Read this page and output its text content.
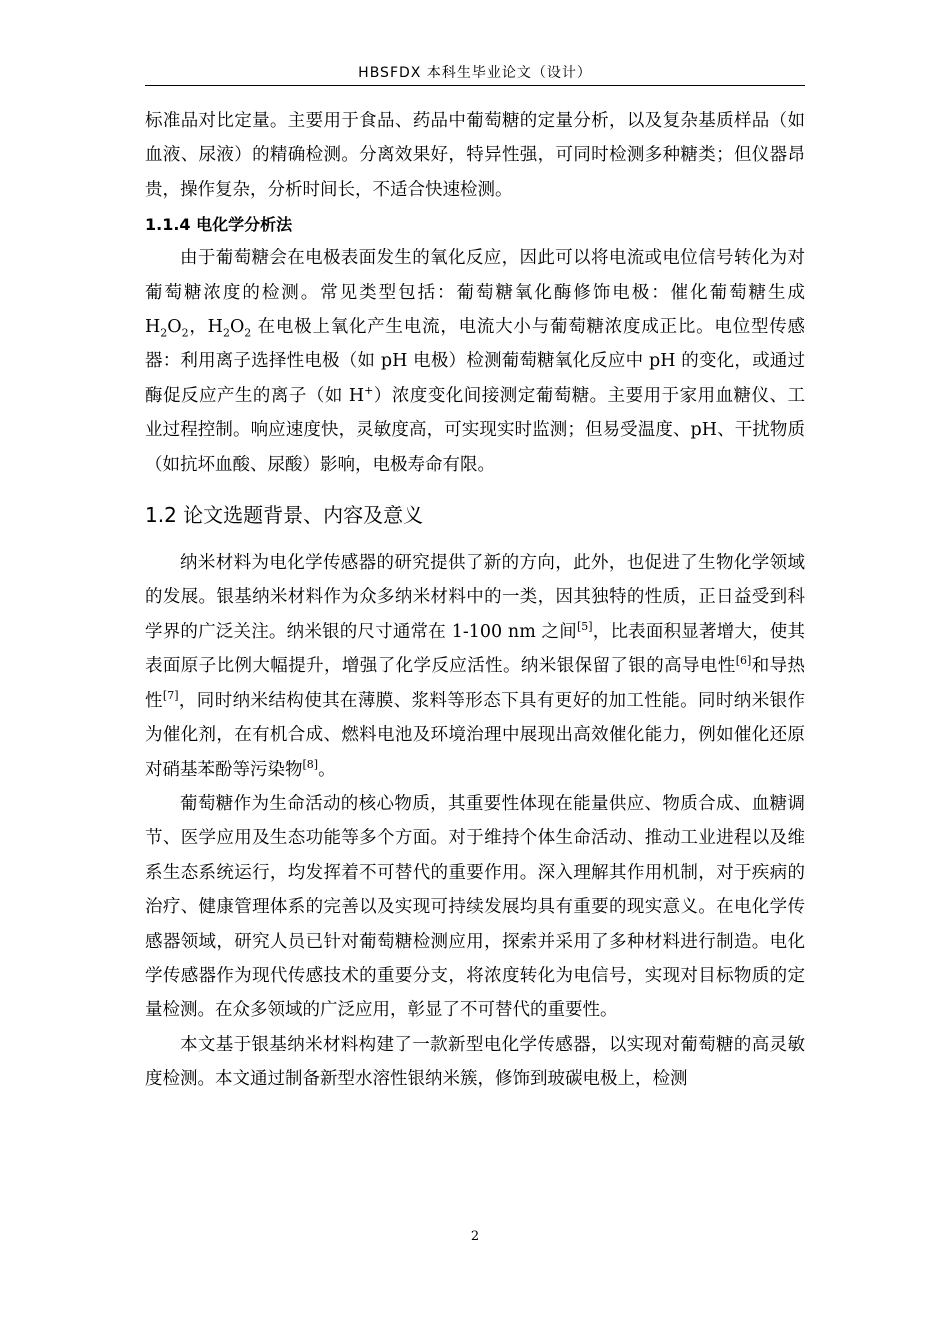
HBSFDX 本科生毕业论文（设计）

标准品对比定量。主要用于食品、药品中葡萄糖的定量分析，以及复杂基质样品（如血液、尿液）的精确检测。分离效果好，特异性强，可同时检测多种糖类；但仪器昂贵，操作复杂，分析时间长，不适合快速检测。

1.1.4 电化学分析法

由于葡萄糖会在电极表面发生的氧化反应，因此可以将电流或电位信号转化为对葡萄糖浓度的检测。常见类型包括：葡萄糖氧化酶修饰电极：催化葡萄糖生成 $H_2O_2$，$H_2O_2$ 在电极上氧化产生电流，电流大小与葡萄糖浓度成正比。电位型传感器：利用离子选择性电极（如 pH 电极）检测葡萄糖氧化反应中 pH 的变化，或通过酶促反应产生的离子（如 H+）浓度变化间接测定葡萄糖。主要用于家用血糖仪、工业过程控制。响应速度快，灵敏度高，可实现实时监测；但易受温度、pH、干扰物质（如抗坏血酸、尿酸）影响，电极寿命有限。

1.2 论文选题背景、内容及意义

纳米材料为电化学传感器的研究提供了新的方向，此外，也促进了生物化学领域的发展。银基纳米材料作为众多纳米材料中的一类，因其独特的性质，正日益受到科学界的广泛关注。纳米银的尺寸通常在 1-100 nm 之间[5]，比表面积显著增大，使其表面原子比例大幅提升，增强了化学反应活性。纳米银保留了银的高导电性[6]和导热性[7]，同时纳米结构使其在薄膜、浆料等形态下具有更好的加工性能。同时纳米银作为催化剂，在有机合成、燃料电池及环境治理中展现出高效催化能力，例如催化还原对硝基苯酚等污染物[8]。

葡萄糖作为生命活动的核心物质，其重要性体现在能量供应、物质合成、血糖调节、医学应用及生态功能等多个方面。对于维持个体生命活动、推动工业进程以及维系生态系统运行，均发挥着不可替代的重要作用。深入理解其作用机制，对于疾病的治疗、健康管理体系的完善以及实现可持续发展均具有重要的现实意义。在电化学传感器领域，研究人员已针对葡萄糖检测应用，探索并采用了多种材料进行制造。电化学传感器作为现代传感技术的重要分支，将浓度转化为电信号，实现对目标物质的定量检测。在众多领域的广泛应用，彰显了不可替代的重要性。

本文基于银基纳米材料构建了一款新型电化学传感器，以实现对葡萄糖的高灵敏度检测。本文通过制备新型水溶性银纳米簇，修饰到玻碳电极上，检测

2
